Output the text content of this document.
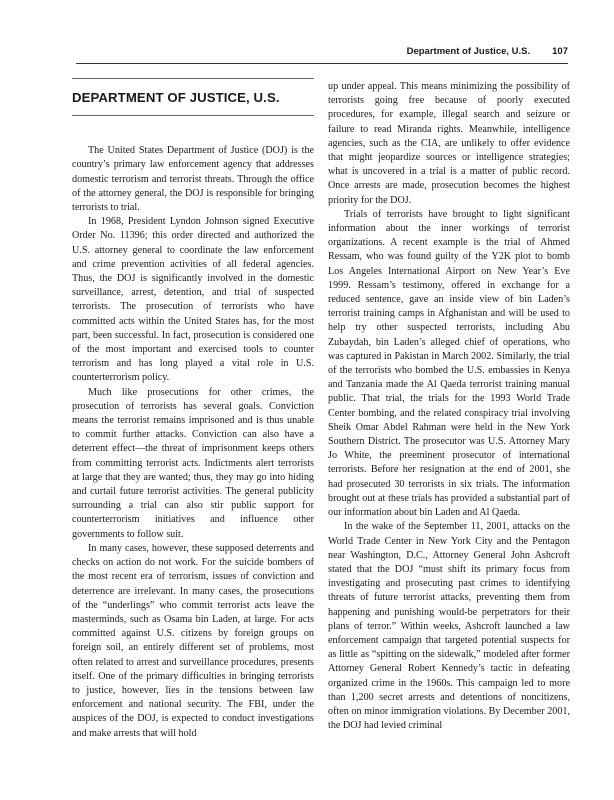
Department of Justice, U.S. 107
DEPARTMENT OF JUSTICE, U.S.

The United States Department of Justice (DOJ) is the country’s primary law enforcement agency that addresses domestic terrorism and terrorist threats. Through the office of the attorney general, the DOJ is responsible for bringing terrorists to trial.

In 1968, President Lyndon Johnson signed Executive Order No. 11396; this order directed and authorized the U.S. attorney general to coordinate the law enforcement and crime prevention activities of all federal agencies. Thus, the DOJ is significantly involved in the domestic surveillance, arrest, detention, and trial of suspected terrorists. The prosecution of terrorists who have committed acts within the United States has, for the most part, been successful. In fact, prosecution is considered one of the most important and exercised tools to counter terrorism and has long played a vital role in U.S. counterterrorism policy.

Much like prosecutions for other crimes, the prosecution of terrorists has several goals. Conviction means the terrorist remains imprisoned and is thus unable to commit further attacks. Conviction can also have a deterrent effect—the threat of imprisonment keeps others from committing terrorist acts. Indictments alert terrorists at large that they are wanted; thus, they may go into hiding and curtail future terrorist activities. The general publicity surrounding a trial can also stir public support for counterterrorism initiatives and influence other governments to follow suit.

In many cases, however, these supposed deterrents and checks on action do not work. For the suicide bombers of the most recent era of terrorism, issues of conviction and deterrence are irrelevant. In many cases, the prosecutions of the “underlings” who commit terrorist acts leave the masterminds, such as Osama bin Laden, at large. For acts committed against U.S. citizens by foreign groups on foreign soil, an entirely different set of problems, most often related to arrest and surveillance procedures, presents itself. One of the primary difficulties in bringing terrorists to justice, however, lies in the tensions between law enforcement and national security. The FBI, under the auspices of the DOJ, is expected to conduct investigations and make arrests that will hold

up under appeal. This means minimizing the possibility of terrorists going free because of poorly executed procedures, for example, illegal search and seizure or failure to read Miranda rights. Meanwhile, intelligence agencies, such as the CIA, are unlikely to offer evidence that might jeopardize sources or intelligence strategies; what is uncovered in a trial is a matter of public record. Once arrests are made, prosecution becomes the highest priority for the DOJ.

Trials of terrorists have brought to light significant information about the inner workings of terrorist organizations. A recent example is the trial of Ahmed Ressam, who was found guilty of the Y2K plot to bomb Los Angeles International Airport on New Year’s Eve 1999. Ressam’s testimony, offered in exchange for a reduced sentence, gave an inside view of bin Laden’s terrorist training camps in Afghanistan and will be used to help try other suspected terrorists, including Abu Zubaydah, bin Laden’s alleged chief of operations, who was captured in Pakistan in March 2002. Similarly, the trial of the terrorists who bombed the U.S. embassies in Kenya and Tanzania made the Al Qaeda terrorist training manual public. That trial, the trials for the 1993 World Trade Center bombing, and the related conspiracy trial involving Sheik Omar Abdel Rahman were held in the New York Southern District. The prosecutor was U.S. Attorney Mary Jo White, the preeminent prosecutor of international terrorists. Before her resignation at the end of 2001, she had prosecuted 30 terrorists in six trials. The information brought out at these trials has provided a substantial part of our information about bin Laden and Al Qaeda.

In the wake of the September 11, 2001, attacks on the World Trade Center in New York City and the Pentagon near Washington, D.C., Attorney General John Ashcroft stated that the DOJ “must shift its primary focus from investigating and prosecuting past crimes to identifying threats of future terrorist attacks, preventing them from happening and punishing would-be perpetrators for their plans of terror.” Within weeks, Ashcroft launched a law enforcement campaign that targeted potential suspects for as little as “spitting on the sidewalk,” modeled after former Attorney General Robert Kennedy’s tactic in defeating organized crime in the 1960s. This campaign led to more than 1,200 secret arrests and detentions of noncitizens, often on minor immigration violations. By December 2001, the DOJ had levied criminal
